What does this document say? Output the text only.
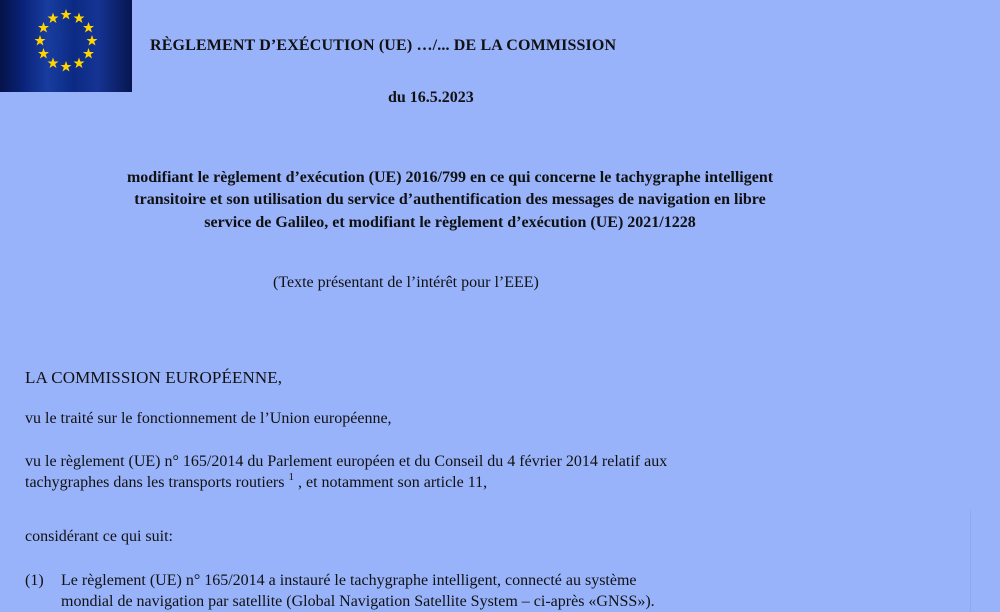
RÈGLEMENT D’EXÉCUTION (UE) …/... DE LA COMMISSION
du 16.5.2023

modifiant le règlement d’exécution (UE) 2016/799 en ce qui concerne le tachygraphe intelligent
transitoire et son utilisation du service d’authentification des messages de navigation en libre
service de Galileo, et modifiant le règlement d’exécution (UE) 2021/1228

(Texte présentant de l’intérêt pour l’EEE)
LA COMMISSION EUROPÉENNE,
vu le traité sur le fonctionnement de l’Union européenne,
vu le règlement (UE) n° 165/2014 du Parlement européen et du Conseil du 4 février 2014 relatif aux
tachygraphes dans les transports routiers $^1$ , et notamment son article 11,
considérant ce qui suit:
(1)	Le règlement (UE) n° 165/2014 a instauré le tachygraphe intelligent, connecté au système
mondial de navigation par satellite (Global Navigation Satellite System – ci-après «GNSS»).
